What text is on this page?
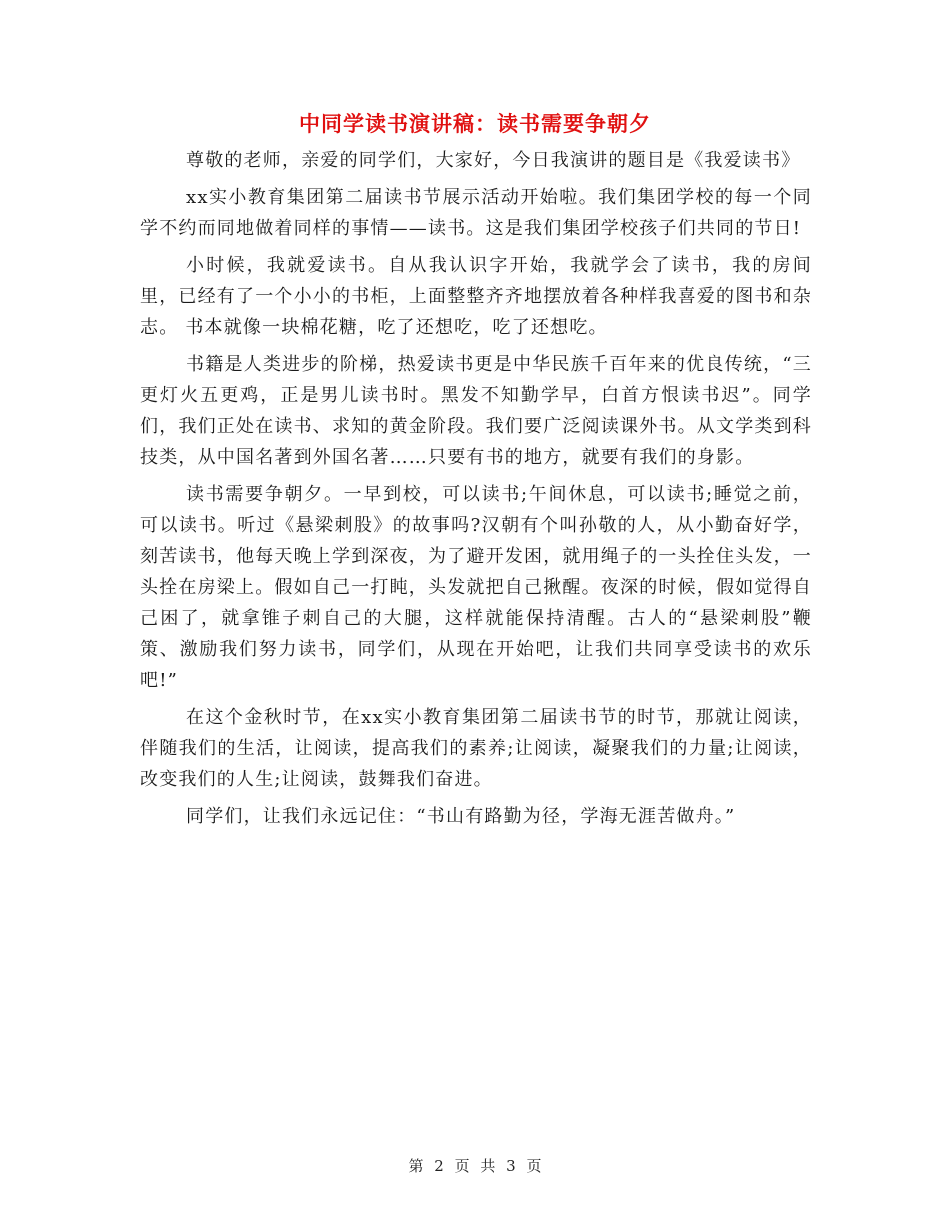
中同学读书演讲稿：读书需要争朝夕

尊敬的老师，亲爱的同学们，大家好，今日我演讲的题目是《我爱读书》

xx实小教育集团第二届读书节展示活动开始啦。我们集团学校的每一个同学不约而同地做着同样的事情——读书。这是我们集团学校孩子们共同的节日!

小时候，我就爱读书。自从我认识字开始，我就学会了读书，我的房间里，已经有了一个小小的书柜，上面整整齐齐地摆放着各种样我喜爱的图书和杂志。 书本就像一块棉花糖，吃了还想吃，吃了还想吃。

书籍是人类进步的阶梯，热爱读书更是中华民族千百年来的优良传统，“三更灯火五更鸡，正是男儿读书时。黑发不知勤学早，白首方恨读书迟”。同学们，我们正处在读书、求知的黄金阶段。我们要广泛阅读课外书。从文学类到科技类，从中国名著到外国名著……只要有书的地方，就要有我们的身影。

读书需要争朝夕。一早到校，可以读书;午间休息，可以读书;睡觉之前，可以读书。听过《悬梁刺股》的故事吗?汉朝有个叫孙敬的人，从小勤奋好学，刻苦读书，他每天晚上学到深夜，为了避开发困，就用绳子的一头拴住头发，一头拴在房梁上。假如自己一打盹，头发就把自己揪醒。夜深的时候，假如觉得自己困了，就拿锥子刺自己的大腿，这样就能保持清醒。古人的“悬梁刺股”鞭策、激励我们努力读书，同学们，从现在开始吧，让我们共同享受读书的欢乐吧!”

在这个金秋时节，在xx实小教育集团第二届读书节的时节，那就让阅读，伴随我们的生活，让阅读，提高我们的素养;让阅读，凝聚我们的力量;让阅读， 改变我们的人生;让阅读，鼓舞我们奋进。

同学们，让我们永远记住：“书山有路勤为径，学海无涯苦做舟。”

第 2 页 共 3 页
